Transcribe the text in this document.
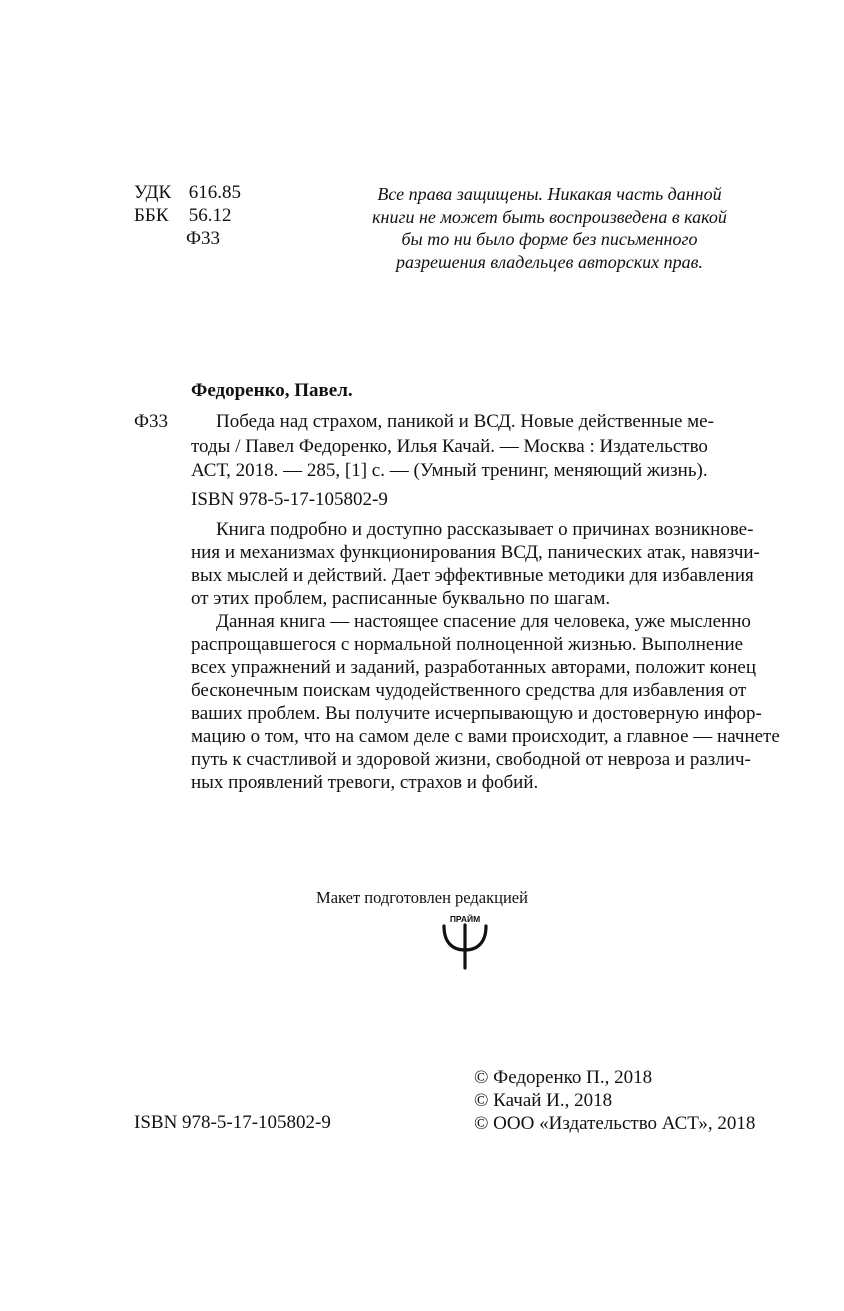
УДК 616.85
ББК 56.12
Ф33
Все права защищены. Никакая часть данной
книги не может быть воспроизведена в какой
бы то ни было форме без письменного
разрешения владельцев авторских прав.
Федоренко, Павел.
Ф33	Победа над страхом, паникой и ВСД. Новые действенные ме-
тоды / Павел Федоренко, Илья Качай. — Москва : Издательство
АСТ, 2018. — 285, [1] с. — (Умный тренинг, меняющий жизнь).
ISBN 978-5-17-105802-9
Книга подробно и доступно рассказывает о причинах возникнове-
ния и механизмах функционирования ВСД, панических атак, навязчи-
вых мыслей и действий. Дает эффективные методики для избавления
от этих проблем, расписанные буквально по шагам.
Данная книга — настоящее спасение для человека, уже мысленно
распрощавшегося с нормальной полноценной жизнью. Выполнение
всех упражнений и заданий, разработанных авторами, положит конец
бесконечным поискам чудодейственного средства для избавления от
ваших проблем. Вы получите исчерпывающую и достоверную инфор-
мацию о том, что на самом деле с вами происходит, а главное — начнете
путь к счастливой и здоровой жизни, свободной от невроза и различ-
ных проявлений тревоги, страхов и фобий.
Макет подготовлен редакцией
ПРАЙМ
© Федоренко П., 2018
© Качай И., 2018
© ООО «Издательство АСТ», 2018
ISBN 978-5-17-105802-9
